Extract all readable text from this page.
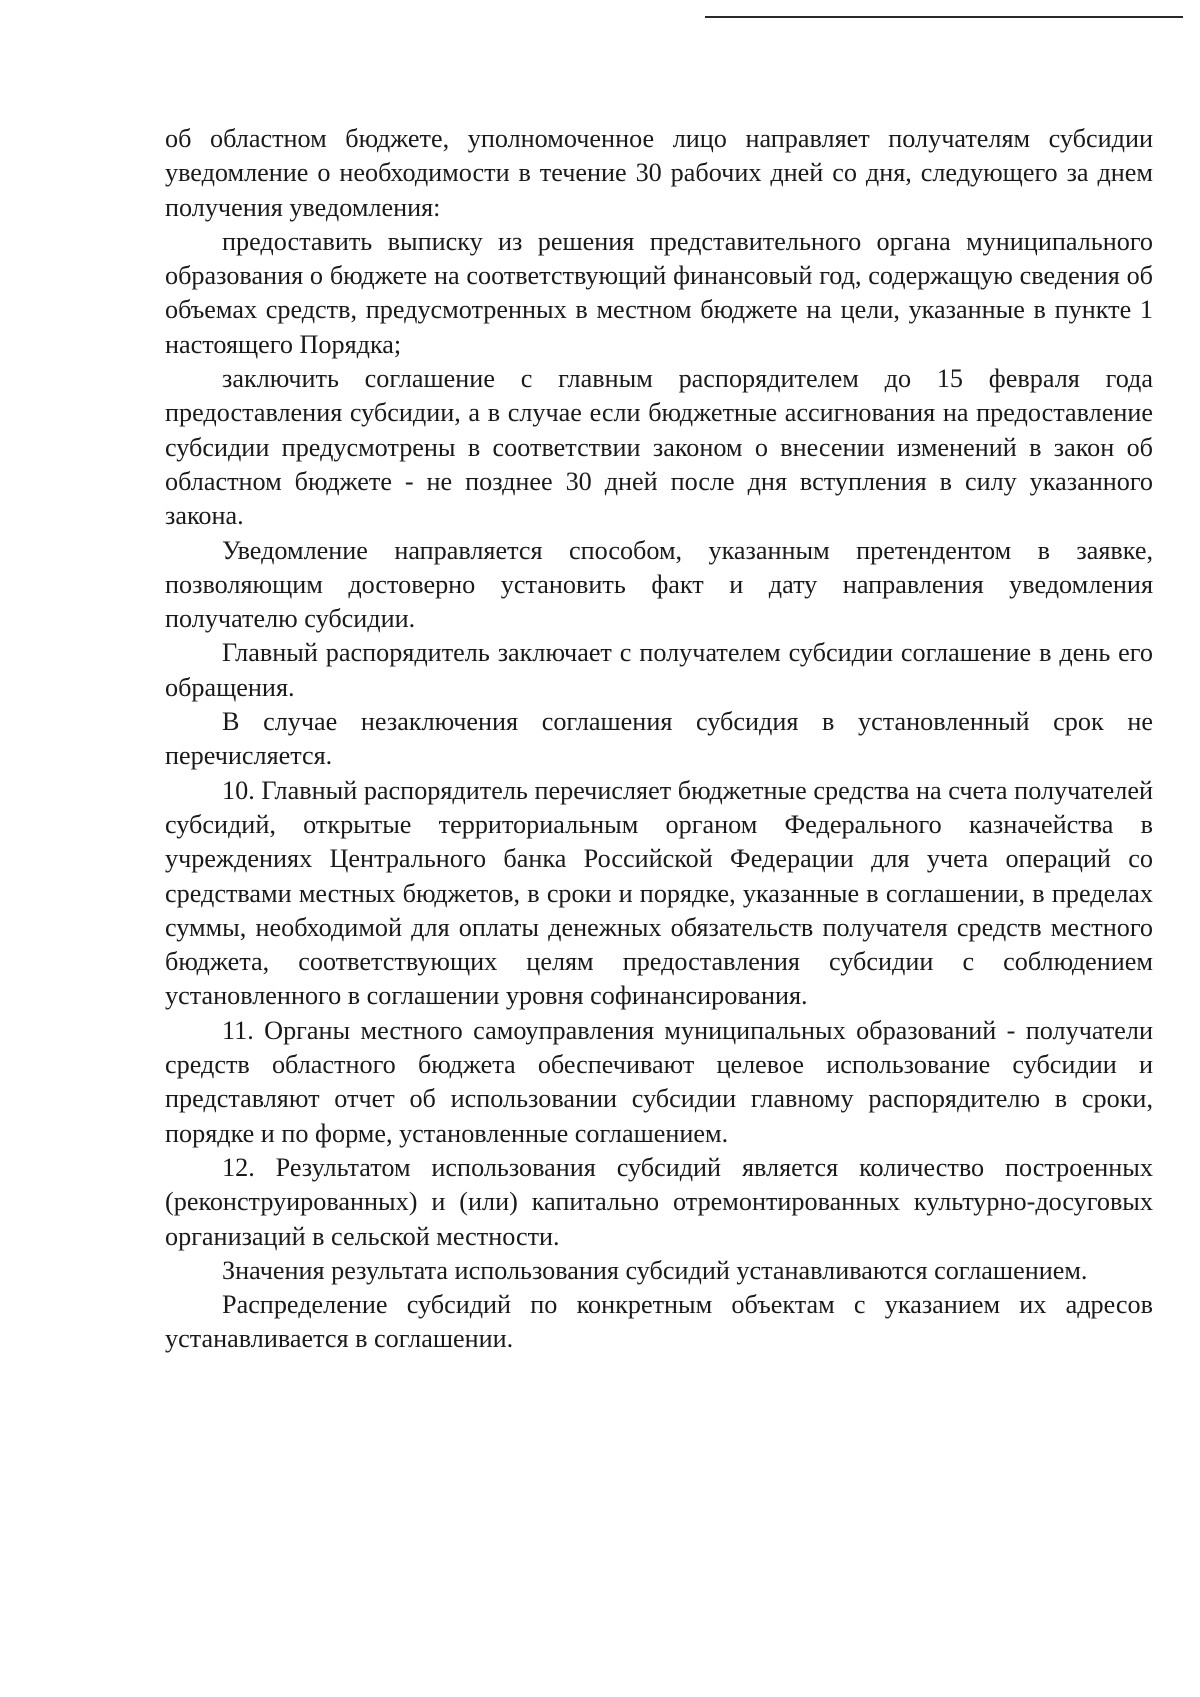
об областном бюджете, уполномоченное лицо направляет получателям субсидии уведомление о необходимости в течение 30 рабочих дней со дня, следующего за днем получения уведомления:

предоставить выписку из решения представительного органа муниципального образования о бюджете на соответствующий финансовый год, содержащую сведения об объемах средств, предусмотренных в местном бюджете на цели, указанные в пункте 1 настоящего Порядка;

заключить соглашение с главным распорядителем до 15 февраля года предоставления субсидии, а в случае если бюджетные ассигнования на предоставление субсидии предусмотрены в соответствии законом о внесении изменений в закон об областном бюджете - не позднее 30 дней после дня вступления в силу указанного закона.

Уведомление направляется способом, указанным претендентом в заявке, позволяющим достоверно установить факт и дату направления уведомления получателю субсидии.

Главный распорядитель заключает с получателем субсидии соглашение в день его обращения.

В случае незаключения соглашения субсидия в установленный срок не перечисляется.

10. Главный распорядитель перечисляет бюджетные средства на счета получателей субсидий, открытые территориальным органом Федерального казначейства в учреждениях Центрального банка Российской Федерации для учета операций со средствами местных бюджетов, в сроки и порядке, указанные в соглашении, в пределах суммы, необходимой для оплаты денежных обязательств получателя средств местного бюджета, соответствующих целям предоставления субсидии с соблюдением установленного в соглашении уровня софинансирования.

11. Органы местного самоуправления муниципальных образований - получатели средств областного бюджета обеспечивают целевое использование субсидии и представляют отчет об использовании субсидии главному распорядителю в сроки, порядке и по форме, установленные соглашением.

12. Результатом использования субсидий является количество построенных (реконструированных) и (или) капитально отремонтированных культурно-досуговых организаций в сельской местности.

Значения результата использования субсидий устанавливаются соглашением.

Распределение субсидий по конкретным объектам с указанием их адресов устанавливается в соглашении.
